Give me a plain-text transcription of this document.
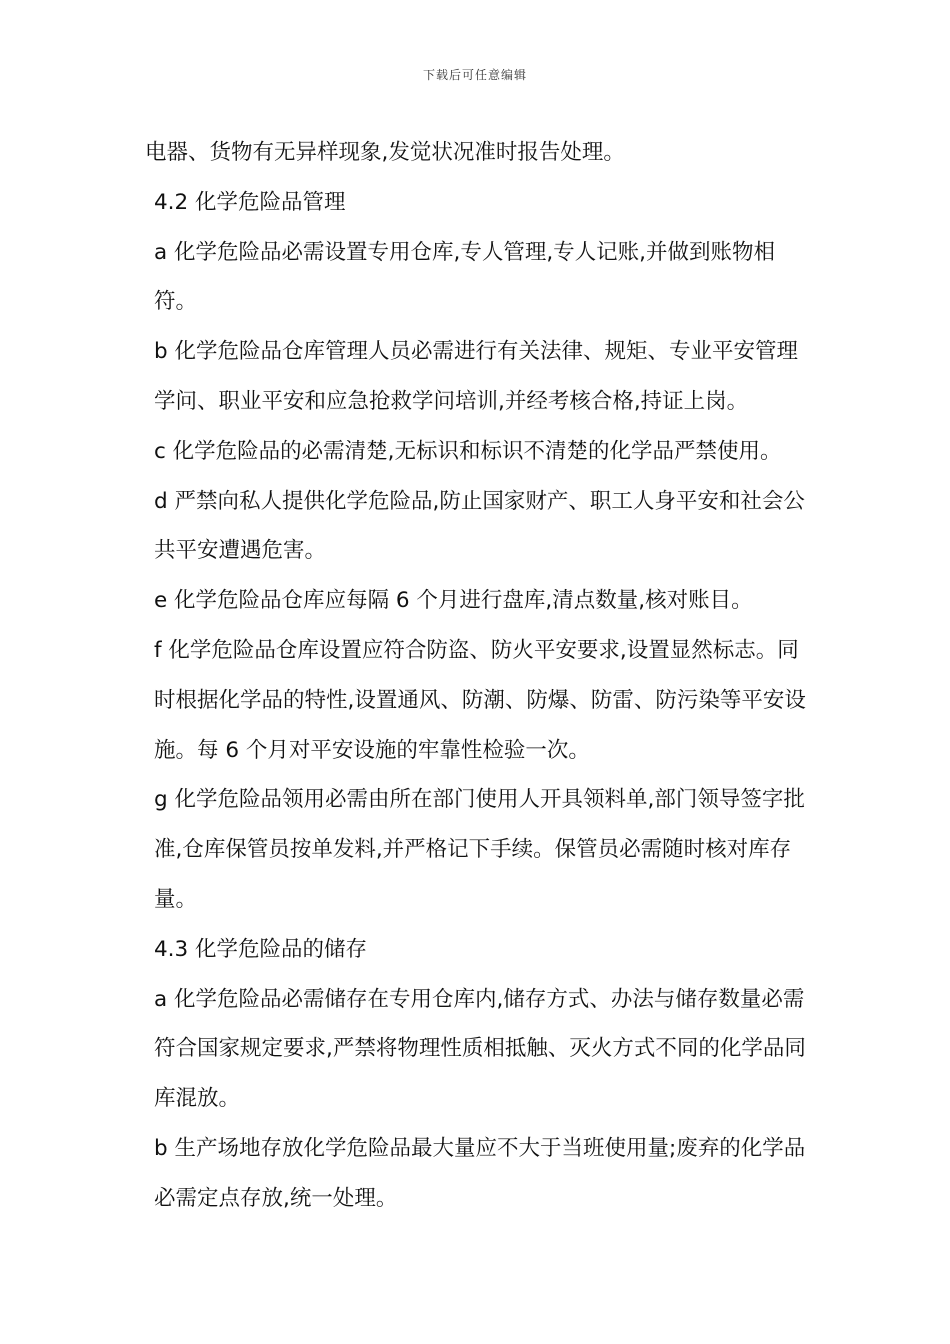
下载后可任意编辑

电器、货物有无异样现象,发觉状况准时报告处理。

4.2 化学危险品管理

a 化学危险品必需设置专用仓库,专人管理,专人记账,并做到账物相符。

b 化学危险品仓库管理人员必需进行有关法律、规矩、专业平安管理学问、职业平安和应急抢救学问培训,并经考核合格,持证上岗。

c 化学危险品的必需清楚,无标识和标识不清楚的化学品严禁使用。

d 严禁向私人提供化学危险品,防止国家财产、职工人身平安和社会公共平安遭遇危害。

e 化学危险品仓库应每隔 6 个月进行盘库,清点数量,核对账目。

f 化学危险品仓库设置应符合防盗、防火平安要求,设置显然标志。同时根据化学品的特性,设置通风、防潮、防爆、防雷、防污染等平安设施。每 6 个月对平安设施的牢靠性检验一次。

g 化学危险品领用必需由所在部门使用人开具领料单,部门领导签字批准,仓库保管员按单发料,并严格记下手续。保管员必需随时核对库存量。

4.3 化学危险品的储存

a 化学危险品必需储存在专用仓库内,储存方式、办法与储存数量必需符合国家规定要求,严禁将物理性质相抵触、灭火方式不同的化学品同库混放。

b 生产场地存放化学危险品最大量应不大于当班使用量;废弃的化学品必需定点存放,统一处理。
